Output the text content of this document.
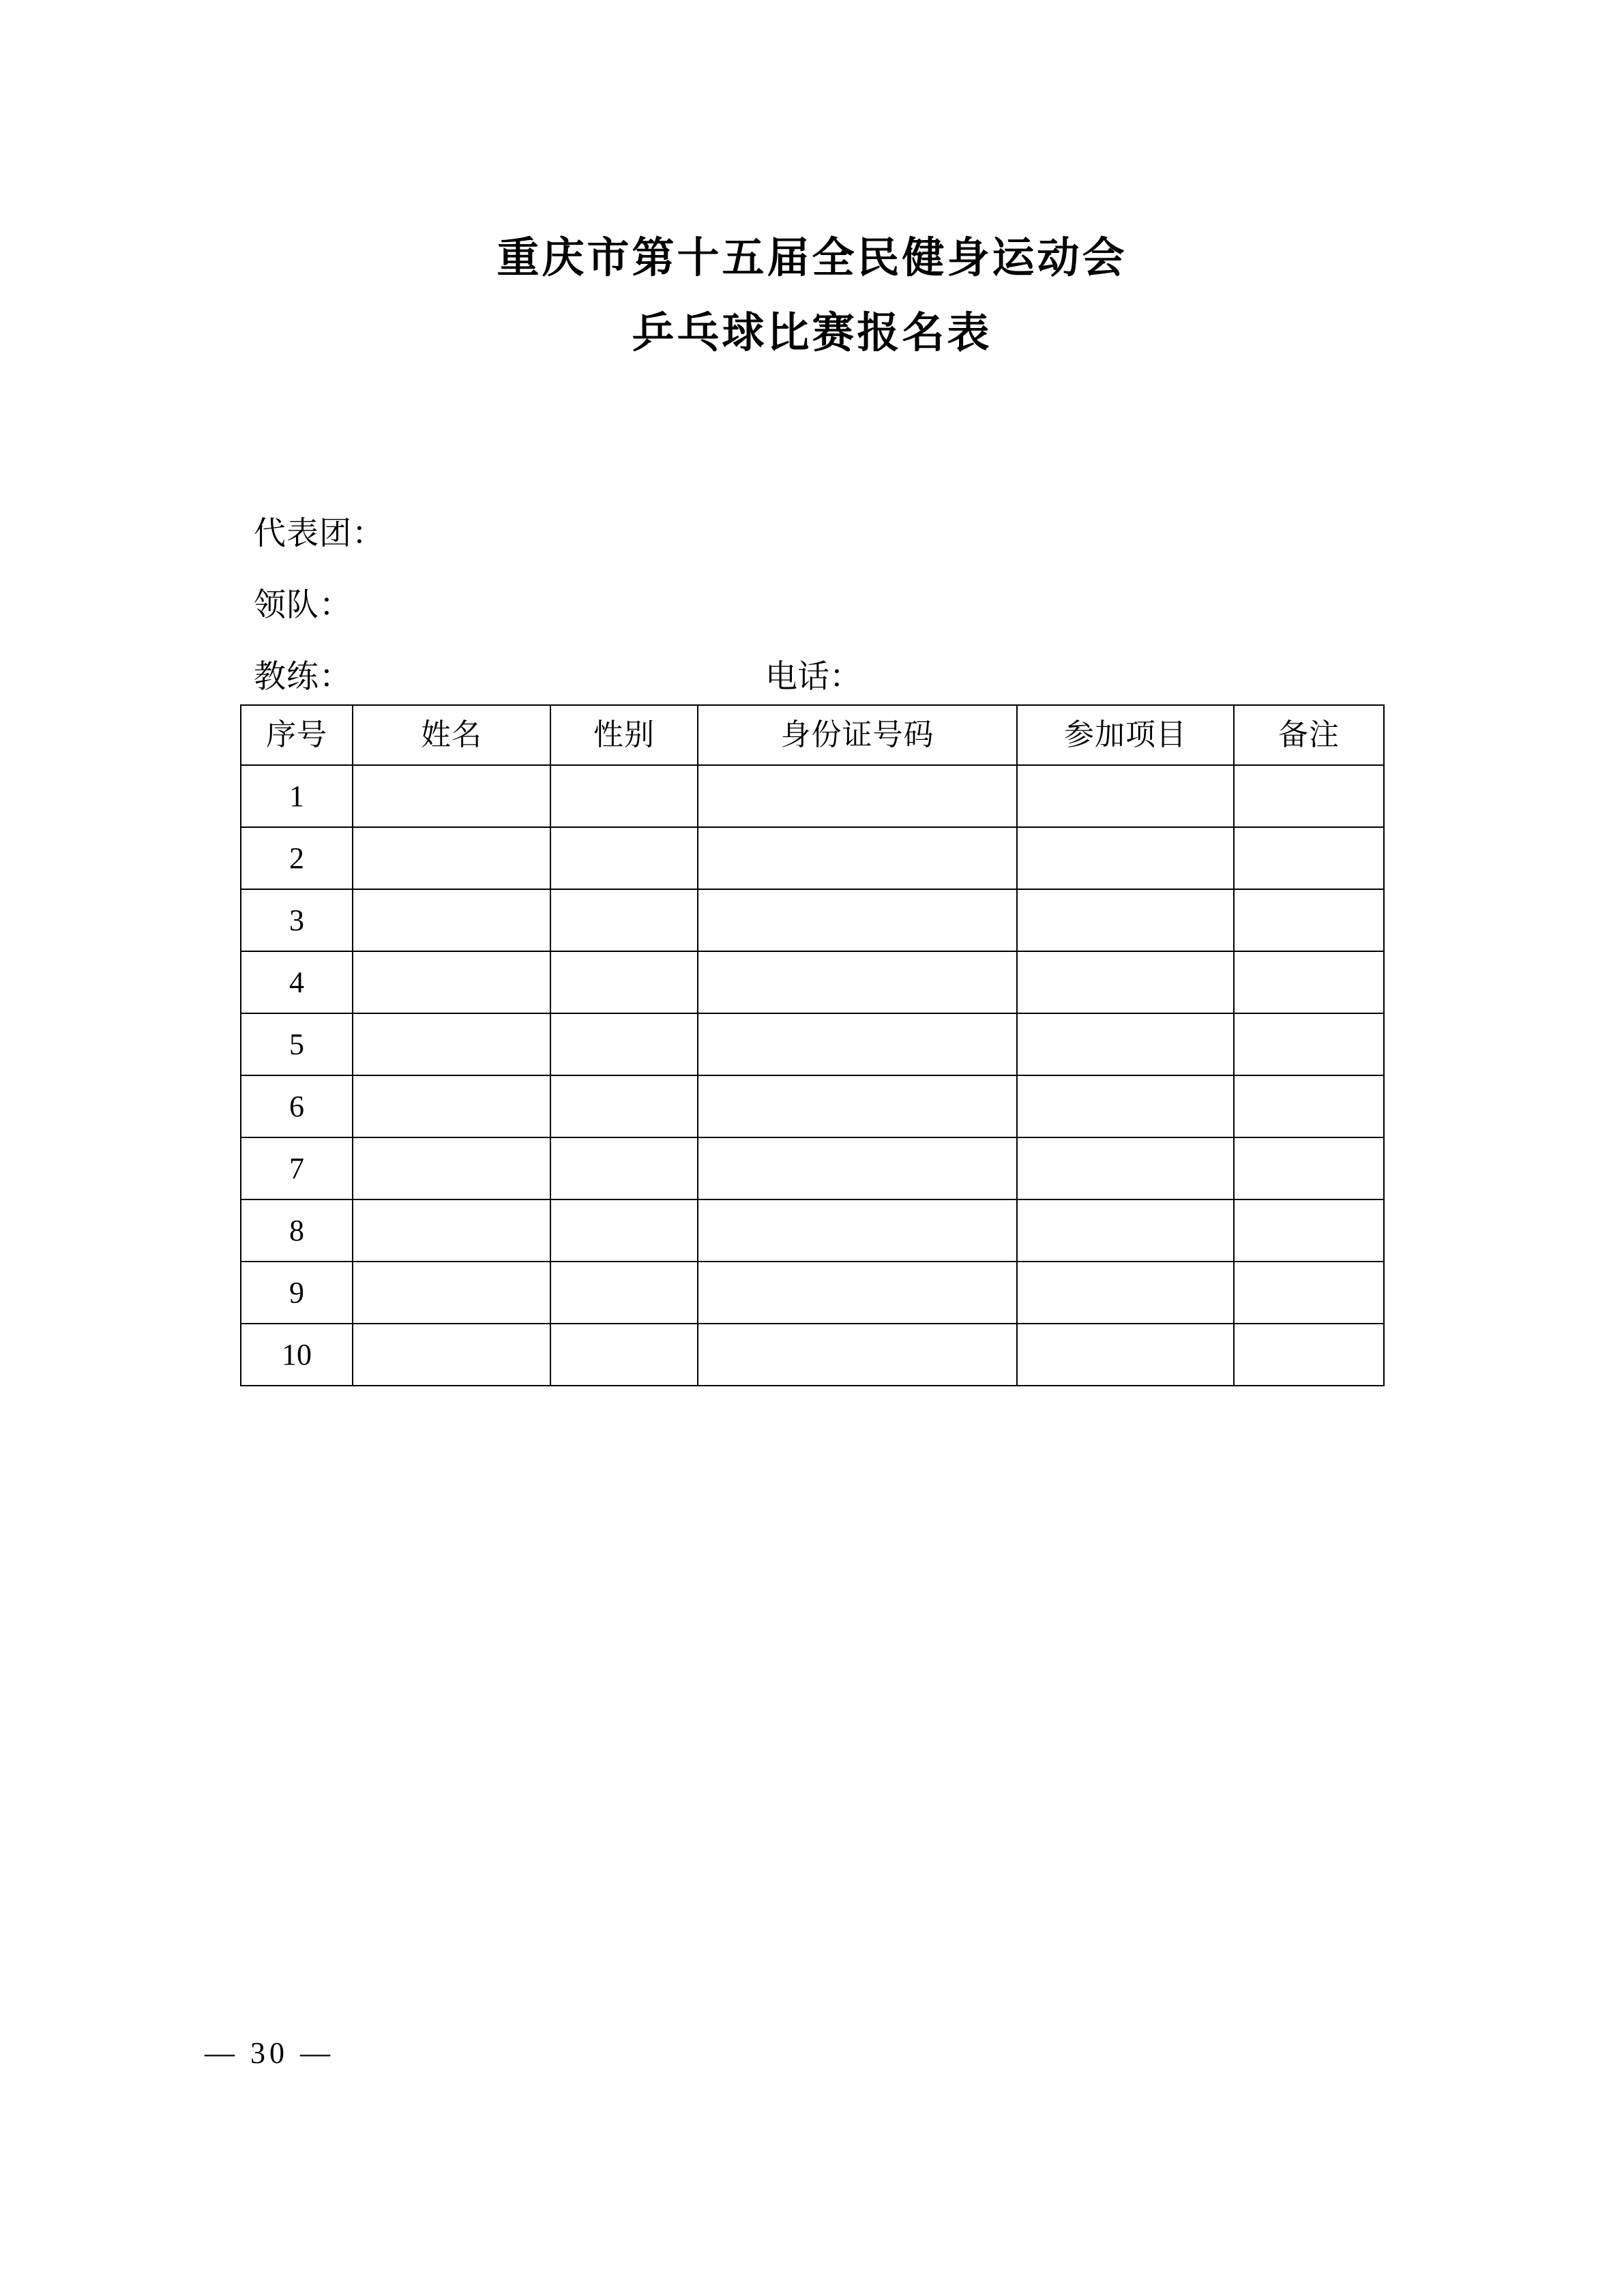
重庆市第十五届全民健身运动会
乒乓球比赛报名表
代表团：
领队：
教练：	电话：
序号	姓名	性别	身份证号码	参加项目	备注
1					
2					
3					
4					
5					
6					
7					
8					
9					
10					
— 30 —
